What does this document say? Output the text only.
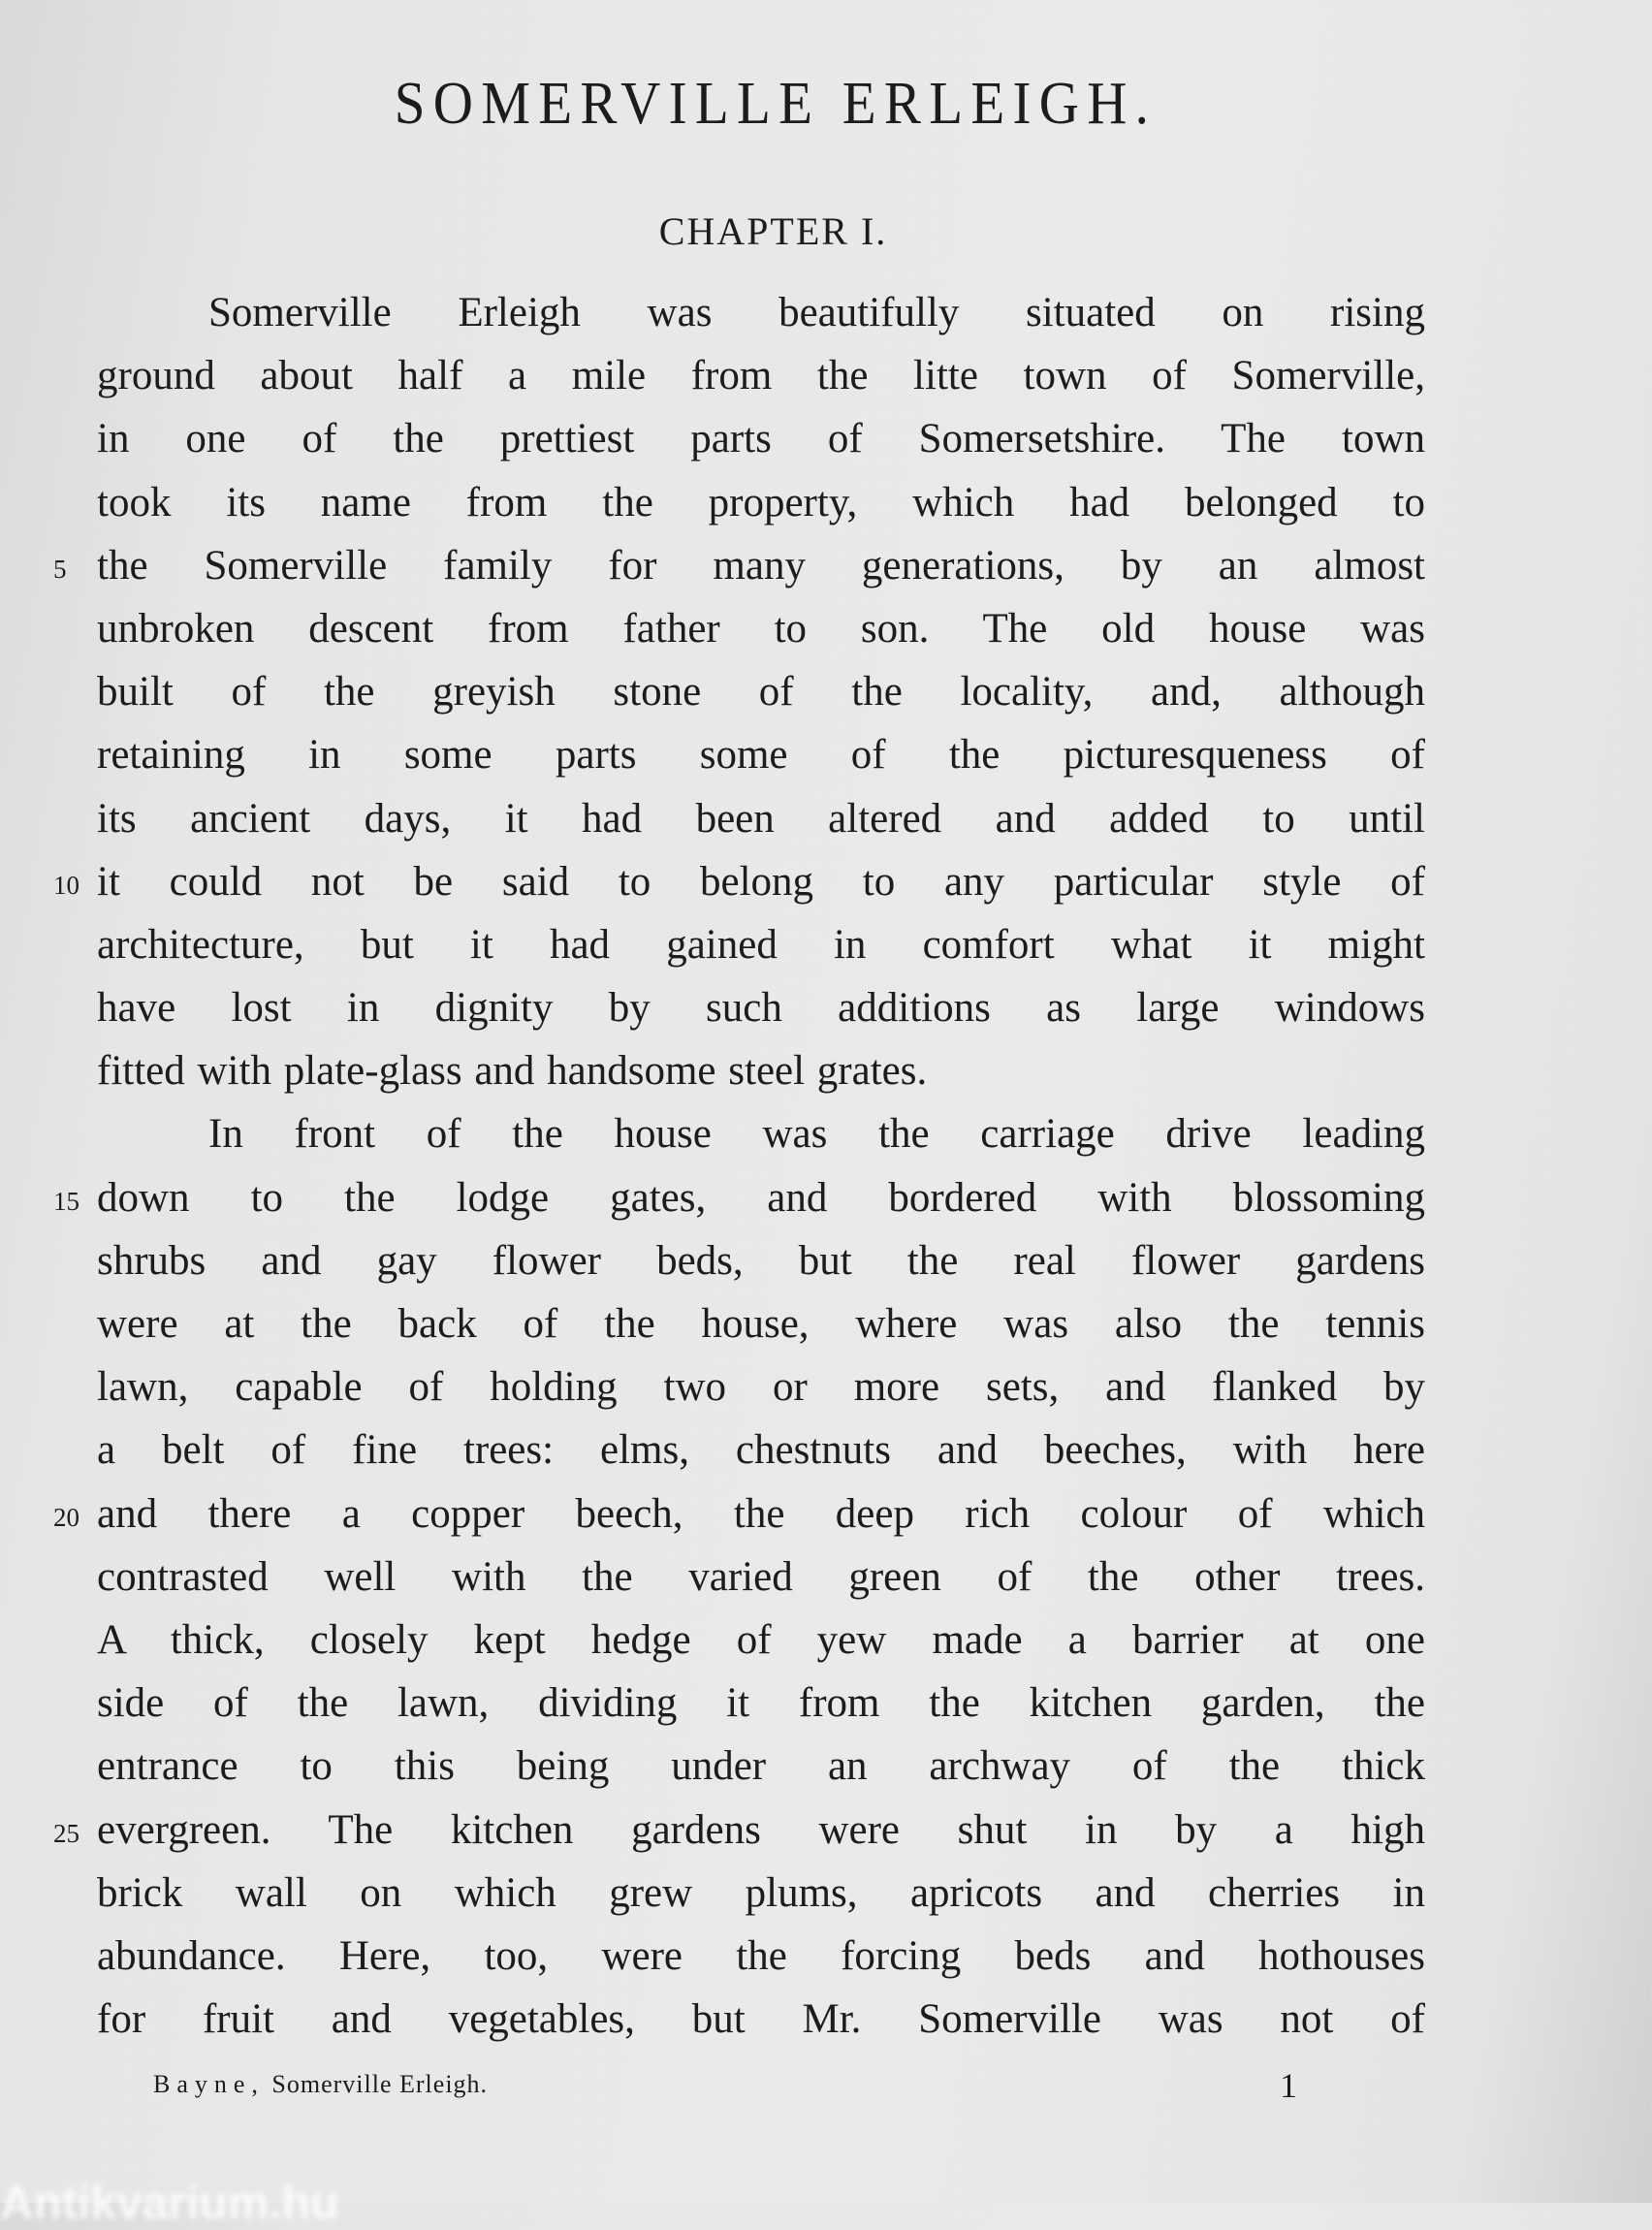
SOMERVILLE ERLEIGH.
CHAPTER I.
Somerville Erleigh was beautifully situated on rising
ground about half a mile from the litte town of Somerville,
in one of the prettiest parts of Somersetshire. The town
took its name from the property, which had belonged to
5 the Somerville family for many generations, by an almost
unbroken descent from father to son. The old house was
built of the greyish stone of the locality, and, although
retaining in some parts some of the picturesqueness of
its ancient days, it had been altered and added to until
10 it could not be said to belong to any particular style of
architecture, but it had gained in comfort what it might
have lost in dignity by such additions as large windows
fitted with plate-glass and handsome steel grates.
In front of the house was the carriage drive leading
15 down to the lodge gates, and bordered with blossoming
shrubs and gay flower beds, but the real flower gardens
were at the back of the house, where was also the tennis
lawn, capable of holding two or more sets, and flanked by
a belt of fine trees: elms, chestnuts and beeches, with here
20 and there a copper beech, the deep rich colour of which
contrasted well with the varied green of the other trees.
A thick, closely kept hedge of yew made a barrier at one
side of the lawn, dividing it from the kitchen garden, the
entrance to this being under an archway of the thick
25 evergreen. The kitchen gardens were shut in by a high
brick wall on which grew plums, apricots and cherries in
abundance. Here, too, were the forcing beds and hothouses
for fruit and vegetables, but Mr. Somerville was not of
Bayne, Somerville Erleigh.	1
Antikvarium.hu
